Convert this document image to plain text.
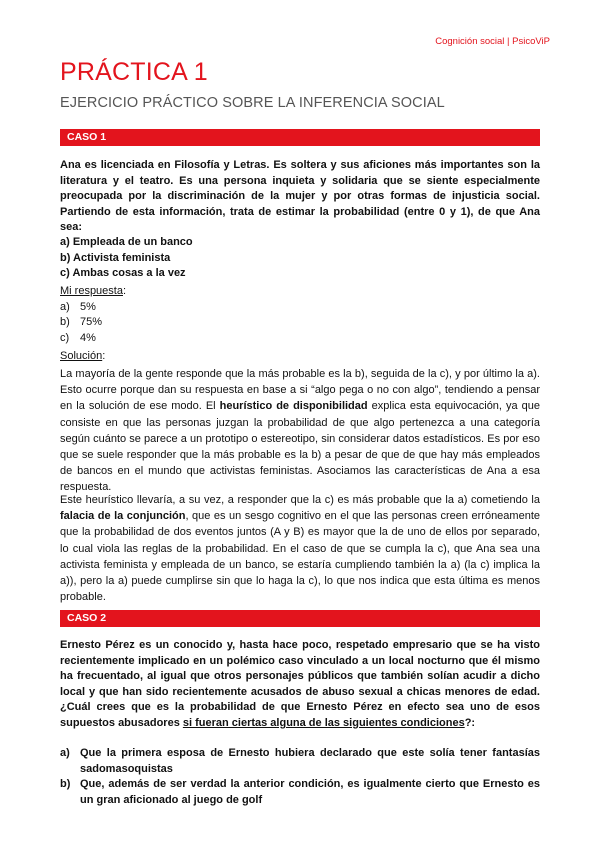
Cognición social | PsicoViP
PRÁCTICA 1
EJERCICIO PRÁCTICO SOBRE LA INFERENCIA SOCIAL
CASO 1
Ana es licenciada en Filosofía y Letras. Es soltera y sus aficiones más importantes son la literatura y el teatro. Es una persona inquieta y solidaria que se siente especialmente preocupada por la discriminación de la mujer y por otras formas de injusticia social. Partiendo de esta información, trata de estimar la probabilidad (entre 0 y 1), de que Ana sea:
a) Empleada de un banco
b) Activista feminista
c) Ambas cosas a la vez
Mi respuesta:
a) 5%
b) 75%
c) 4%
Solución:
La mayoría de la gente responde que la más probable es la b), seguida de la c), y por último la a). Esto ocurre porque dan su respuesta en base a si “algo pega o no con algo”, tendiendo a pensar en la solución de ese modo. El heurístico de disponibilidad explica esta equivocación, ya que consiste en que las personas juzgan la probabilidad de que algo pertenezca a una categoría según cuánto se parece a un prototipo o estereotipo, sin considerar datos estadísticos. Es por eso que se suele responder que la más probable es la b) a pesar de que de que hay más empleados de bancos en el mundo que activistas feministas. Asociamos las características de Ana a esa respuesta.
Este heurístico llevaría, a su vez, a responder que la c) es más probable que la a) cometiendo la falacia de la conjunción, que es un sesgo cognitivo en el que las personas creen erróneamente que la probabilidad de dos eventos juntos (A y B) es mayor que la de uno de ellos por separado, lo cual viola las reglas de la probabilidad. En el caso de que se cumpla la c), que Ana sea una activista feminista y empleada de un banco, se estaría cumpliendo también la a) (la c) implica la a)), pero la a) puede cumplirse sin que lo haga la c), lo que nos indica que esta última es menos probable.
CASO 2
Ernesto Pérez es un conocido y, hasta hace poco, respetado empresario que se ha visto recientemente implicado en un polémico caso vinculado a un local nocturno que él mismo ha frecuentado, al igual que otros personajes públicos que también solían acudir a dicho local y que han sido recientemente acusados de abuso sexual a chicas menores de edad. ¿Cuál crees que es la probabilidad de que Ernesto Pérez en efecto sea uno de esos supuestos abusadores si fueran ciertas alguna de las siguientes condiciones?:
a) Que la primera esposa de Ernesto hubiera declarado que este solía tener fantasías sadomasoquistas
b) Que, además de ser verdad la anterior condición, es igualmente cierto que Ernesto es un gran aficionado al juego de golf
